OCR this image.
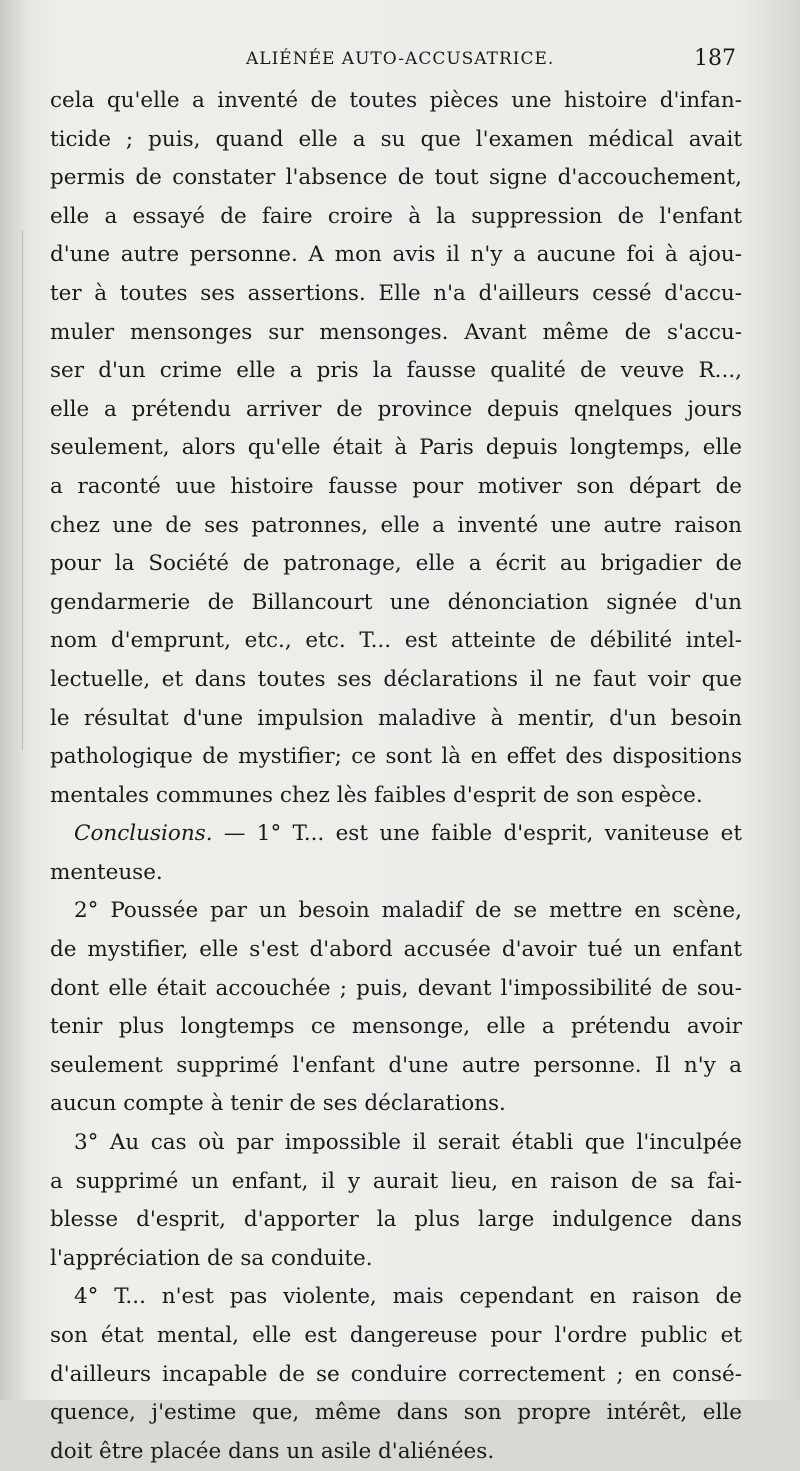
ALIÉNÉE AUTO-ACCUSATRICE.	187
cela qu'elle a inventé de toutes pièces une histoire d'infan-
ticide ; puis, quand elle a su que l'examen médical avait
permis de constater l'absence de tout signe d'accouchement,
elle a essayé de faire croire à la suppression de l'enfant
d'une autre personne. A mon avis il n'y a aucune foi à ajou-
ter à toutes ses assertions. Elle n'a d'ailleurs cessé d'accu-
muler mensonges sur mensonges. Avant même de s'accu-
ser d'un crime elle a pris la fausse qualité de veuve R...,
elle a prétendu arriver de province depuis qnelques jours
seulement, alors qu'elle était à Paris depuis longtemps, elle
a raconté uue histoire fausse pour motiver son départ de
chez une de ses patronnes, elle a inventé une autre raison
pour la Société de patronage, elle a écrit au brigadier de
gendarmerie de Billancourt une dénonciation signée d'un
nom d'emprunt, etc., etc. T... est atteinte de débilité intel-
lectuelle, et dans toutes ses déclarations il ne faut voir que
le résultat d'une impulsion maladive à mentir, d'un besoin
pathologique de mystifier; ce sont là en effet des dispositions
mentales communes chez lès faibles d'esprit de son espèce.
Conclusions. — 1° T... est une faible d'esprit, vaniteuse et
menteuse.
2° Poussée par un besoin maladif de se mettre en scène,
de mystifier, elle s'est d'abord accusée d'avoir tué un enfant
dont elle était accouchée ; puis, devant l'impossibilité de sou-
tenir plus longtemps ce mensonge, elle a prétendu avoir
seulement supprimé l'enfant d'une autre personne. Il n'y a
aucun compte à tenir de ses déclarations.
3° Au cas où par impossible il serait établi que l'inculpée
a supprimé un enfant, il y aurait lieu, en raison de sa fai-
blesse d'esprit, d'apporter la plus large indulgence dans
l'appréciation de sa conduite.
4° T... n'est pas violente, mais cependant en raison de
son état mental, elle est dangereuse pour l'ordre public et
d'ailleurs incapable de se conduire correctement ; en consé-
quence, j'estime que, même dans son propre intérêt, elle
doit être placée dans un asile d'aliénées.
